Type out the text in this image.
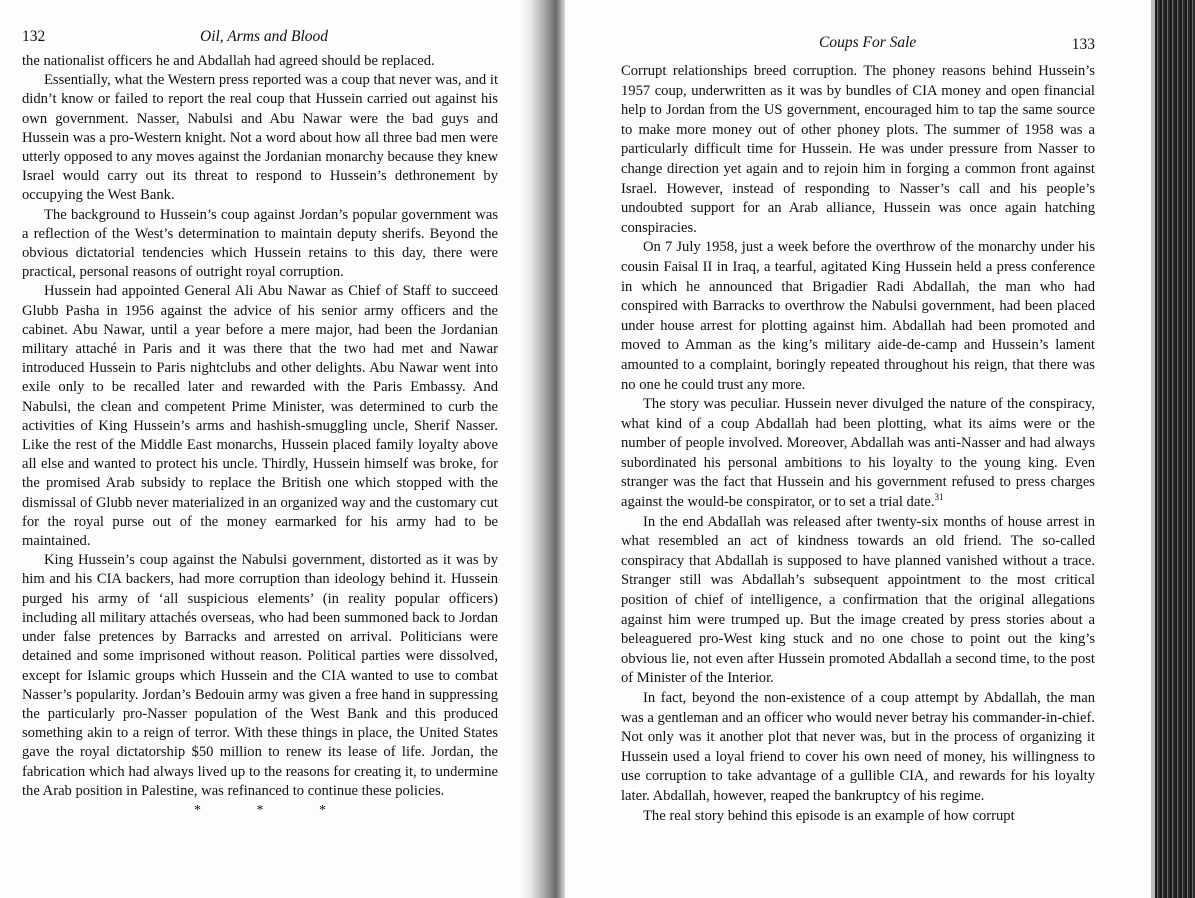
132	Oil, Arms and Blood

the nationalist officers he and Abdallah had agreed should be replaced.

Essentially, what the Western press reported was a coup that never was, and it didn’t know or failed to report the real coup that Hussein carried out against his own government. Nasser, Nabulsi and Abu Nawar were the bad guys and Hussein was a pro-Western knight. Not a word about how all three bad men were utterly opposed to any moves against the Jordanian monarchy because they knew Israel would carry out its threat to respond to Hussein’s dethronement by occupying the West Bank.

The background to Hussein’s coup against Jordan’s popular government was a reflection of the West’s determination to maintain deputy sherifs. Beyond the obvious dictatorial tendencies which Hussein retains to this day, there were practical, personal reasons of outright royal corruption.

Hussein had appointed General Ali Abu Nawar as Chief of Staff to succeed Glubb Pasha in 1956 against the advice of his senior army officers and the cabinet. Abu Nawar, until a year before a mere major, had been the Jordanian military attaché in Paris and it was there that the two had met and Nawar introduced Hussein to Paris nightclubs and other delights. Abu Nawar went into exile only to be recalled later and rewarded with the Paris Embassy. And Nabulsi, the clean and competent Prime Minister, was determined to curb the activities of King Hussein’s arms and hashish-smuggling uncle, Sherif Nasser. Like the rest of the Middle East monarchs, Hussein placed family loyalty above all else and wanted to protect his uncle. Thirdly, Hussein himself was broke, for the promised Arab subsidy to replace the British one which stopped with the dismissal of Glubb never materialized in an organized way and the customary cut for the royal purse out of the money earmarked for his army had to be maintained.

King Hussein’s coup against the Nabulsi government, distorted as it was by him and his CIA backers, had more corruption than ideology behind it. Hussein purged his army of ‘all suspicious elements’ (in reality popular officers) including all military attachés overseas, who had been summoned back to Jordan under false pretences by Barracks and arrested on arrival. Politicians were detained and some imprisoned without reason. Political parties were dissolved, except for Islamic groups which Hussein and the CIA wanted to use to combat Nasser’s popularity. Jordan’s Bedouin army was given a free hand in suppressing the particularly pro-Nasser population of the West Bank and this produced something akin to a reign of terror. With these things in place, the United States gave the royal dictatorship $50 million to renew its lease of life. Jordan, the fabrication which had always lived up to the reasons for creating it, to undermine the Arab position in Palestine, was refinanced to continue these policies.

* * *
Coups For Sale	133

Corrupt relationships breed corruption. The phoney reasons behind Hussein’s 1957 coup, underwritten as it was by bundles of CIA money and open financial help to Jordan from the US government, encouraged him to tap the same source to make more money out of other phoney plots. The summer of 1958 was a particularly difficult time for Hussein. He was under pressure from Nasser to change direction yet again and to rejoin him in forging a common front against Israel. However, instead of responding to Nasser’s call and his people’s undoubted support for an Arab alliance, Hussein was once again hatching conspiracies.

On 7 July 1958, just a week before the overthrow of the monarchy under his cousin Faisal II in Iraq, a tearful, agitated King Hussein held a press conference in which he announced that Brigadier Radi Abdallah, the man who had conspired with Barracks to overthrow the Nabulsi government, had been placed under house arrest for plotting against him. Abdallah had been promoted and moved to Amman as the king’s military aide-de-camp and Hussein’s lament amounted to a complaint, boringly repeated throughout his reign, that there was no one he could trust any more.

The story was peculiar. Hussein never divulged the nature of the conspiracy, what kind of a coup Abdallah had been plotting, what its aims were or the number of people involved. Moreover, Abdallah was anti-Nasser and had always subordinated his personal ambitions to his loyalty to the young king. Even stranger was the fact that Hussein and his government refused to press charges against the would-be conspirator, or to set a trial date.$^{31}$

In the end Abdallah was released after twenty-six months of house arrest in what resembled an act of kindness towards an old friend. The so-called conspiracy that Abdallah is supposed to have planned vanished without a trace. Stranger still was Abdallah’s subsequent appointment to the most critical position of chief of intelligence, a confirmation that the original allegations against him were trumped up. But the image created by press stories about a beleaguered pro-West king stuck and no one chose to point out the king’s obvious lie, not even after Hussein promoted Abdallah a second time, to the post of Minister of the Interior.

In fact, beyond the non-existence of a coup attempt by Abdallah, the man was a gentleman and an officer who would never betray his commander-in-chief. Not only was it another plot that never was, but in the process of organizing it Hussein used a loyal friend to cover his own need of money, his willingness to use corruption to take advantage of a gullible CIA, and rewards for his loyalty later. Abdallah, however, reaped the bankruptcy of his regime.

The real story behind this episode is an example of how corrupt
